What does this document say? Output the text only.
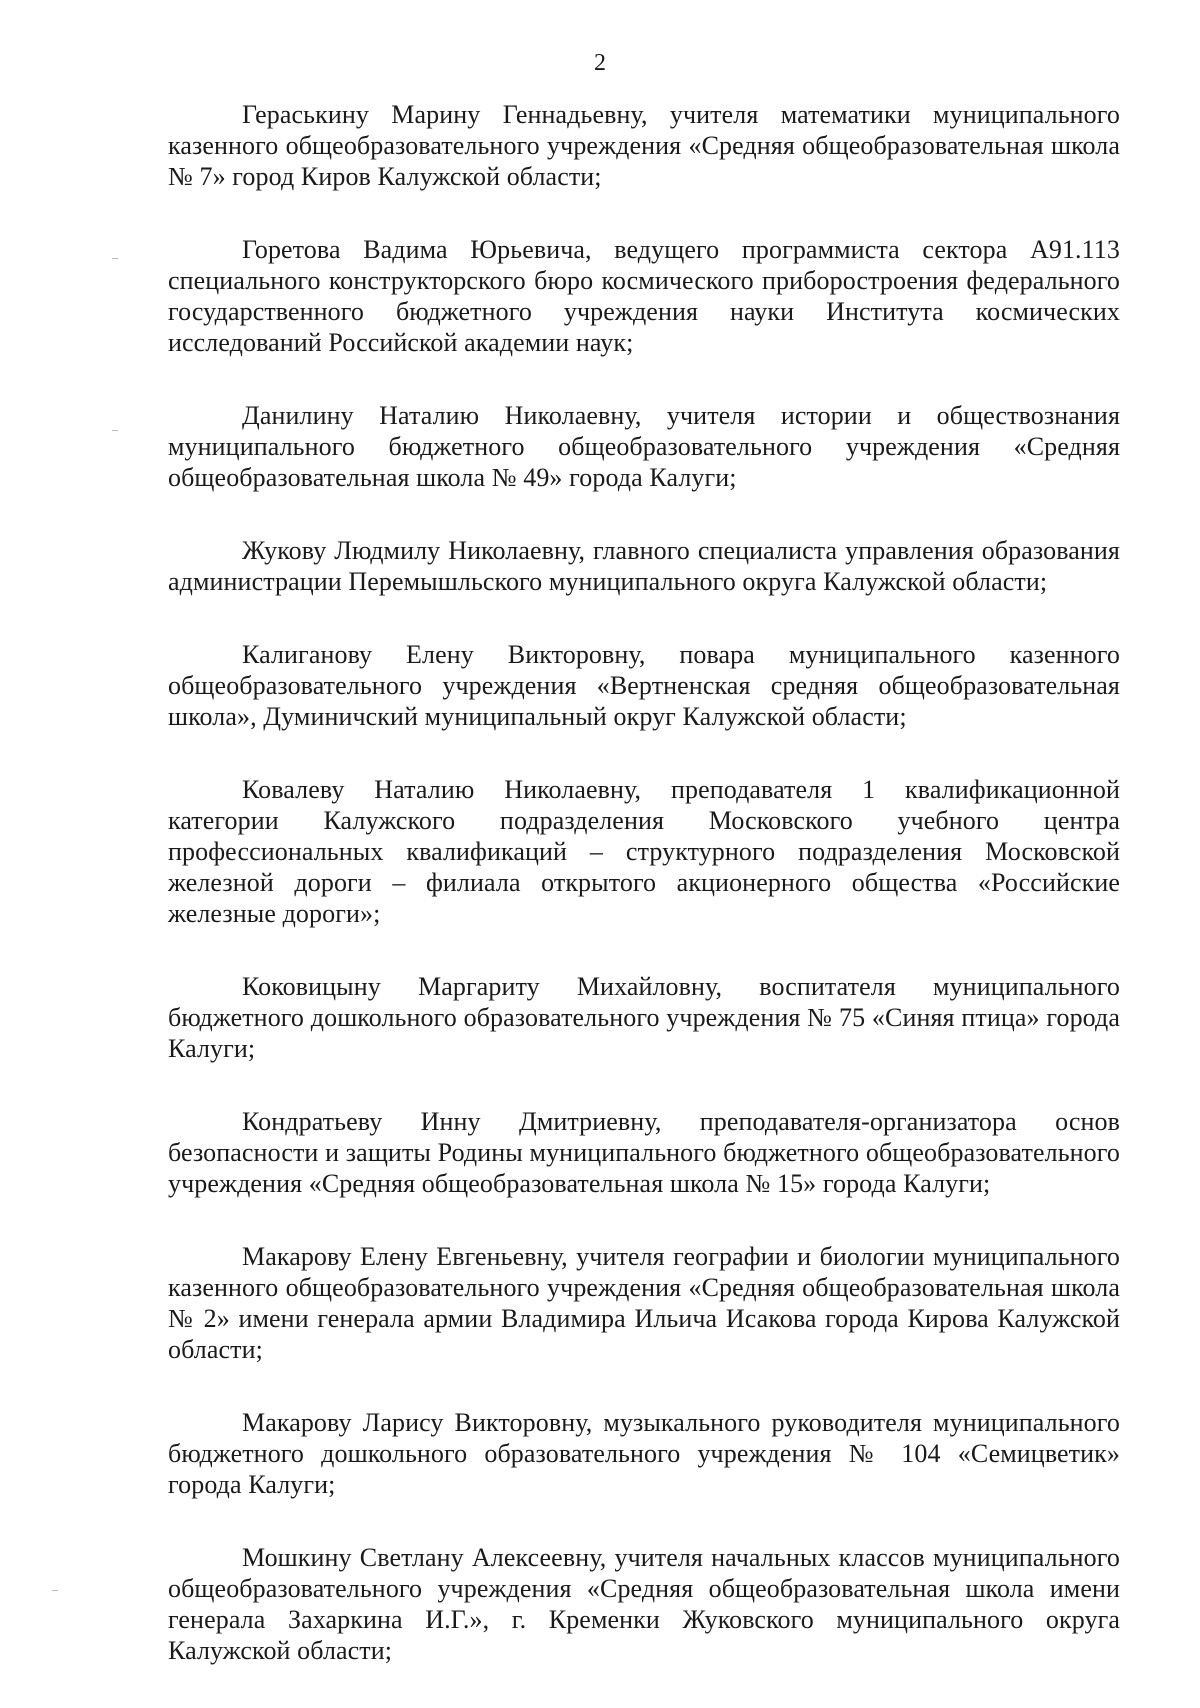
2

Гераськину Марину Геннадьевну, учителя математики муниципального казенного общеобразовательного учреждения «Средняя общеобразовательная школа № 7» город Киров Калужской области;

Горетова Вадима Юрьевича, ведущего программиста сектора А91.113 специального конструкторского бюро космического приборостроения федерального государственного бюджетного учреждения науки Института космических исследований Российской академии наук;

Данилину Наталию Николаевну, учителя истории и обществознания муниципального бюджетного общеобразовательного учреждения «Средняя общеобразовательная школа № 49» города Калуги;

Жукову Людмилу Николаевну, главного специалиста управления образования администрации Перемышльского муниципального округа Калужской области;

Калиганову Елену Викторовну, повара муниципального казенного общеобразовательного учреждения «Вертненская средняя общеобразовательная школа», Думиничский муниципальный округ Калужской области;

Ковалеву Наталию Николаевну, преподавателя 1 квалификационной категории Калужского подразделения Московского учебного центра профессиональных квалификаций – структурного подразделения Московской железной дороги – филиала открытого акционерного общества «Российские железные дороги»;

Коковицыну Маргариту Михайловну, воспитателя муниципального бюджетного дошкольного образовательного учреждения № 75 «Синяя птица» города Калуги;

Кондратьеву Инну Дмитриевну, преподавателя-организатора основ безопасности и защиты Родины муниципального бюджетного общеобразовательного учреждения «Средняя общеобразовательная школа № 15» города Калуги;

Макарову Елену Евгеньевну, учителя географии и биологии муниципального казенного общеобразовательного учреждения «Средняя общеобразовательная школа № 2» имени генерала армии Владимира Ильича Исакова города Кирова Калужской области;

Макарову Ларису Викторовну, музыкального руководителя муниципального бюджетного дошкольного образовательного учреждения № 104 «Семицветик» города Калуги;

Мошкину Светлану Алексеевну, учителя начальных классов муниципального общеобразовательного учреждения «Средняя общеобразовательная школа имени генерала Захаркина И.Г.», г. Кременки Жуковского муниципального округа Калужской области;
